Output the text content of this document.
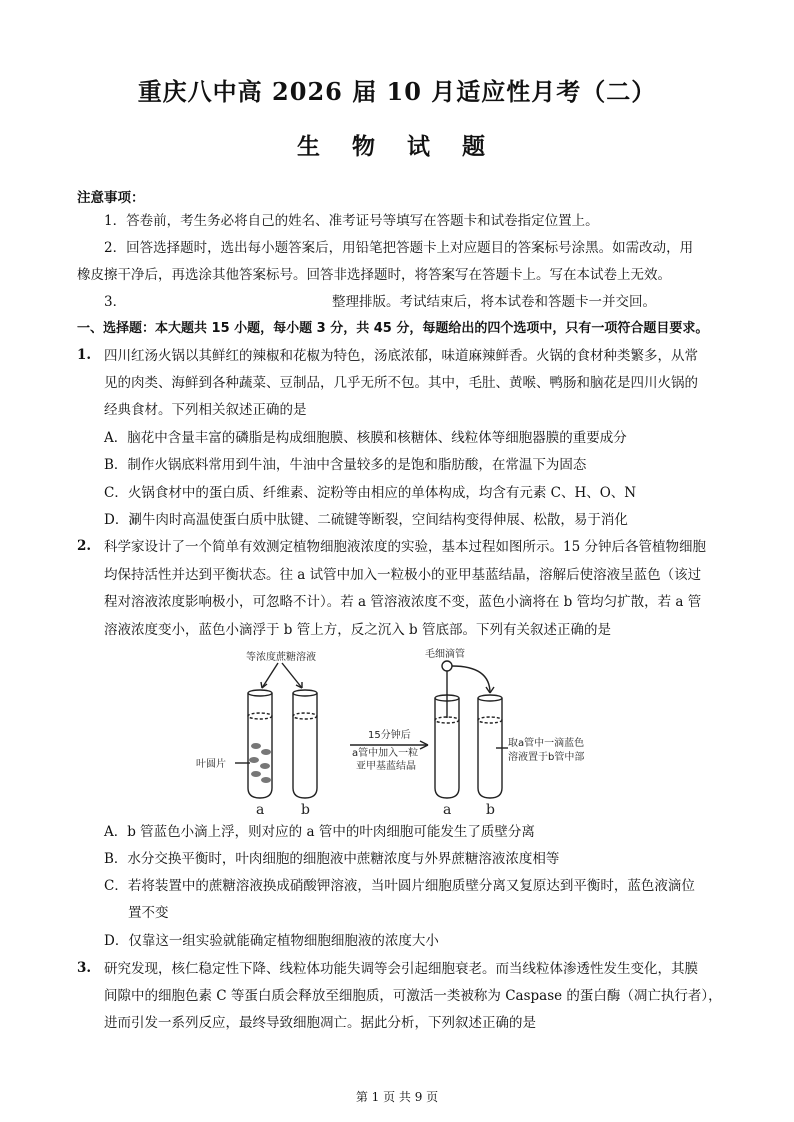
重庆八中高 2026 届 10 月适应性月考（二）
生 物 试 题
注意事项：
1．答卷前，考生务必将自己的姓名、准考证号等填写在答题卡和试卷指定位置上。
2．回答选择题时，选出每小题答案后，用铅笔把答题卡上对应题目的答案标号涂黑。如需改动，用
橡皮擦干净后，再选涂其他答案标号。回答非选择题时，将答案写在答题卡上。写在本试卷上无效。
3．	整理排版。考试结束后，将本试卷和答题卡一并交回。
一、选择题：本大题共 15 小题，每小题 3 分，共 45 分，每题给出的四个选项中，只有一项符合题目要求。
1. 四川红汤火锅以其鲜红的辣椒和花椒为特色，汤底浓郁，味道麻辣鲜香。火锅的食材种类繁多，从常
见的肉类、海鲜到各种蔬菜、豆制品，几乎无所不包。其中，毛肚、黄喉、鸭肠和脑花是四川火锅的
经典食材。下列相关叙述正确的是
A．脑花中含量丰富的磷脂是构成细胞膜、核膜和核糖体、线粒体等细胞器膜的重要成分
B．制作火锅底料常用到牛油，牛油中含量较多的是饱和脂肪酸，在常温下为固态
C．火锅食材中的蛋白质、纤维素、淀粉等由相应的单体构成，均含有元素 C、H、O、N
D．涮牛肉时高温使蛋白质中肽键、二硫键等断裂，空间结构变得伸展、松散，易于消化
2. 科学家设计了一个简单有效测定植物细胞液浓度的实验，基本过程如图所示。15 分钟后各管植物细胞
均保持活性并达到平衡状态。往 a 试管中加入一粒极小的亚甲基蓝结晶，溶解后使溶液呈蓝色（该过
程对溶液浓度影响极小，可忽略不计）。若 a 管溶液浓度不变，蓝色小滴将在 b 管均匀扩散，若 a 管
溶液浓度变小，蓝色小滴浮于 b 管上方，反之沉入 b 管底部。下列有关叙述正确的是
等浓度蔗糖溶液	毛细滴管
叶圆片
15分钟后
a管中加入一粒
亚甲基蓝结晶
取a管中一滴蓝色
溶液置于b管中部
a	b	a b
A．b 管蓝色小滴上浮，则对应的 a 管中的叶肉细胞可能发生了质壁分离
B．水分交换平衡时，叶肉细胞的细胞液中蔗糖浓度与外界蔗糖溶液浓度相等
C．若将装置中的蔗糖溶液换成硝酸钾溶液，当叶圆片细胞质壁分离又复原达到平衡时，蓝色液滴位
置不变
D．仅靠这一组实验就能确定植物细胞细胞液的浓度大小
3. 研究发现，核仁稳定性下降、线粒体功能失调等会引起细胞衰老。而当线粒体渗透性发生变化，其膜
间隙中的细胞色素 C 等蛋白质会释放至细胞质，可激活一类被称为 Caspase 的蛋白酶（凋亡执行者），
进而引发一系列反应，最终导致细胞凋亡。据此分析，下列叙述正确的是
第 1 页 共 9 页
